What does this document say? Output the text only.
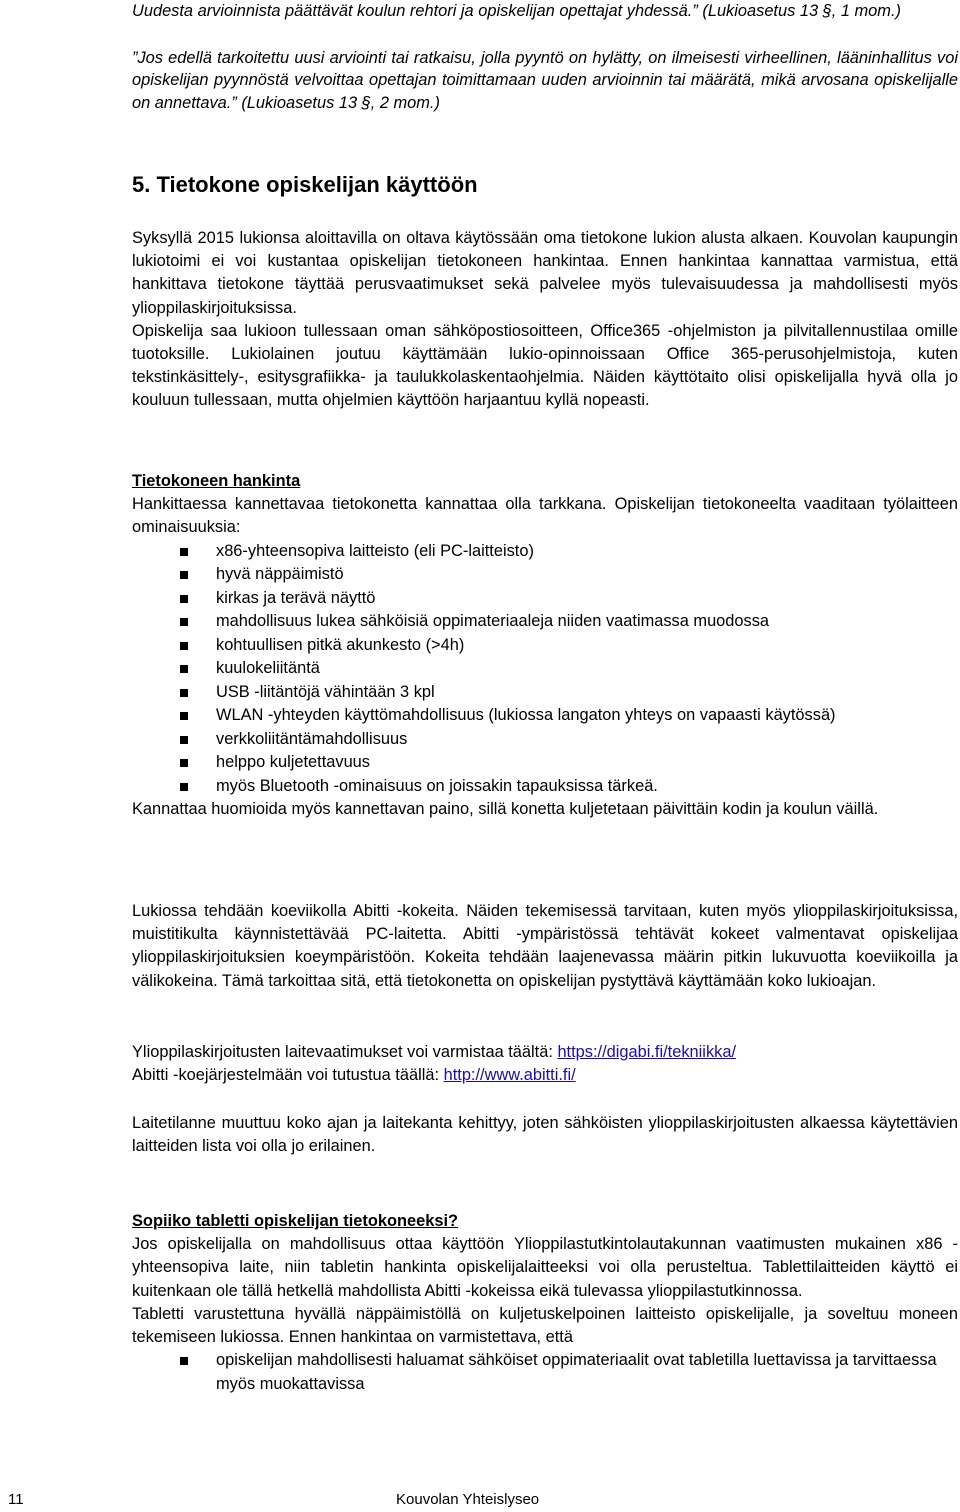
Uudesta arvioinnista päättävät koulun rehtori ja opiskelijan opettajat yhdessä.” (Lukioasetus 13 §, 1 mom.)

”Jos edellä tarkoitettu uusi arviointi tai ratkaisu, jolla pyyntö on hylätty, on ilmeisesti virheellinen, lääninhallitus voi opiskelijan pyynnöstä velvoittaa opettajan toimittamaan uuden arvioinnin tai määrätä, mikä arvosana opiskelijalle on annettava.” (Lukioasetus 13 §, 2 mom.)

5. Tietokone opiskelijan käyttöön

Syksyllä 2015 lukionsa aloittavilla on oltava käytössään oma tietokone lukion alusta alkaen. Kouvolan kaupungin lukiotoimi ei voi kustantaa opiskelijan tietokoneen hankintaa. Ennen hankintaa kannattaa varmistua, että hankittava tietokone täyttää perusvaatimukset sekä palvelee myös tulevaisuudessa ja mahdollisesti myös ylioppilaskirjoituksissa.

Opiskelija saa lukioon tullessaan oman sähköpostiosoitteen, Office365 -ohjelmiston ja pilvitallennustilaa omille tuotoksille. Lukiolainen joutuu käyttämään lukio-opinnoissaan Office 365-perusohjelmistoja, kuten tekstinkäsittely-, esitysgrafiikka- ja taulukkolaskentaohjelmia. Näiden käyttötaito olisi opiskelijalla hyvä olla jo kouluun tullessaan, mutta ohjelmien käyttöön harjaantuu kyllä nopeasti.

Tietokoneen hankinta

Hankittaessa kannettavaa tietokonetta kannattaa olla tarkkana. Opiskelijan tietokoneelta vaaditaan työlaitteen ominaisuuksia:

x86-yhteensopiva laitteisto (eli PC-laitteisto)
hyvä näppäimistö
kirkas ja terävä näyttö
mahdollisuus lukea sähköisiä oppimateriaaleja niiden vaatimassa muodossa
kohtuullisen pitkä akunkesto (>4h)
kuulokeliitäntä
USB -liitäntöjä vähintään 3 kpl
WLAN -yhteyden käyttömahdollisuus (lukiossa langaton yhteys on vapaasti käytössä)
verkkoliitäntämahdollisuus
helppo kuljetettavuus
myös Bluetooth -ominaisuus on joissakin tapauksissa tärkeä.

Kannattaa huomioida myös kannettavan paino, sillä konetta kuljetetaan päivittäin kodin ja koulun väillä.

Lukiossa tehdään koeviikolla Abitti -kokeita. Näiden tekemisessä tarvitaan, kuten myös ylioppilaskirjoituksissa, muistitikulta käynnistettävää PC-laitetta. Abitti -ympäristössä tehtävät kokeet valmentavat opiskelijaa ylioppilaskirjoituksien koeympäristöön. Kokeita tehdään laajenevassa määrin pitkin lukuvuotta koeviikoilla ja välikokeina. Tämä tarkoittaa sitä, että tietokonetta on opiskelijan pystyttävä käyttämään koko lukioajan.

Ylioppilaskirjoitusten laitevaatimukset voi varmistaa täältä: https://digabi.fi/tekniikka/
Abitti -koejärjestelmään voi tutustua täällä: http://www.abitti.fi/

Laitetilanne muuttuu koko ajan ja laitekanta kehittyy, joten sähköisten ylioppilaskirjoitusten alkaessa käytettävien laitteiden lista voi olla jo erilainen.

Sopiiko tabletti opiskelijan tietokoneeksi?

Jos opiskelijalla on mahdollisuus ottaa käyttöön Ylioppilastutkintolautakunnan vaatimusten mukainen x86 -yhteensopiva laite, niin tabletin hankinta opiskelijalaitteeksi voi olla perusteltua. Tablettilaitteiden käyttö ei kuitenkaan ole tällä hetkellä mahdollista Abitti -kokeissa eikä tulevassa ylioppilastutkinnossa.

Tabletti varustettuna hyvällä näppäimistöllä on kuljetuskelpoinen laitteisto opiskelijalle, ja soveltuu moneen tekemiseen lukiossa. Ennen hankintaa on varmistettava, että

opiskelijan mahdollisesti haluamat sähköiset oppimateriaalit ovat tabletilla luettavissa ja tarvittaessa myös muokattavissa
11	Kouvolan Yhteislyseo
